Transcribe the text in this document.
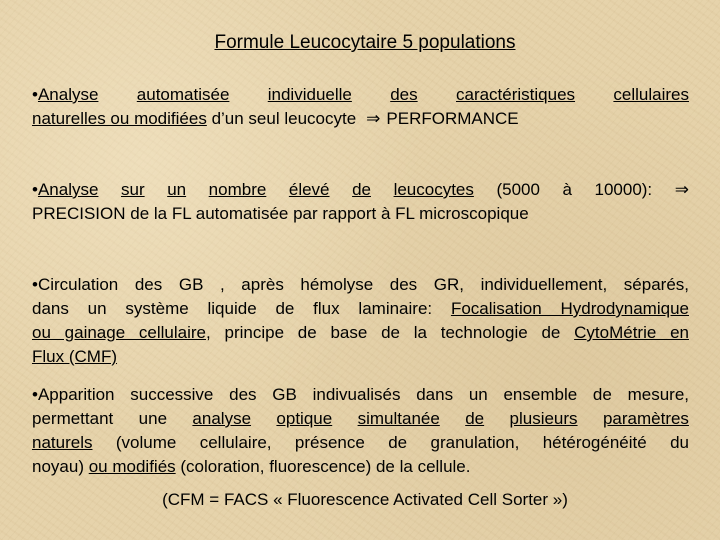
Formule Leucocytaire 5 populations
•Analyse automatisée individuelle des caractéristiques cellulaires
naturelles ou modifiées d’un seul leucocyte ⇒ PERFORMANCE
•Analyse sur un nombre élevé de leucocytes (5000 à 10000): ⇒
PRECISION de la FL automatisée par rapport à FL microscopique
•Circulation des GB , après hémolyse des GR, individuellement, séparés,
dans un système liquide de flux laminaire: Focalisation Hydrodynamique
ou gainage cellulaire, principe de base de la technologie de CytoMétrie en
Flux (CMF)
•Apparition successive des GB indivualisés dans un ensemble de mesure,
permettant une analyse optique simultanée de plusieurs paramètres
naturels (volume cellulaire, présence de granulation, hétérogénéité du
noyau) ou modifiés (coloration, fluorescence) de la cellule.
(CFM = FACS « Fluorescence Activated Cell Sorter »)
